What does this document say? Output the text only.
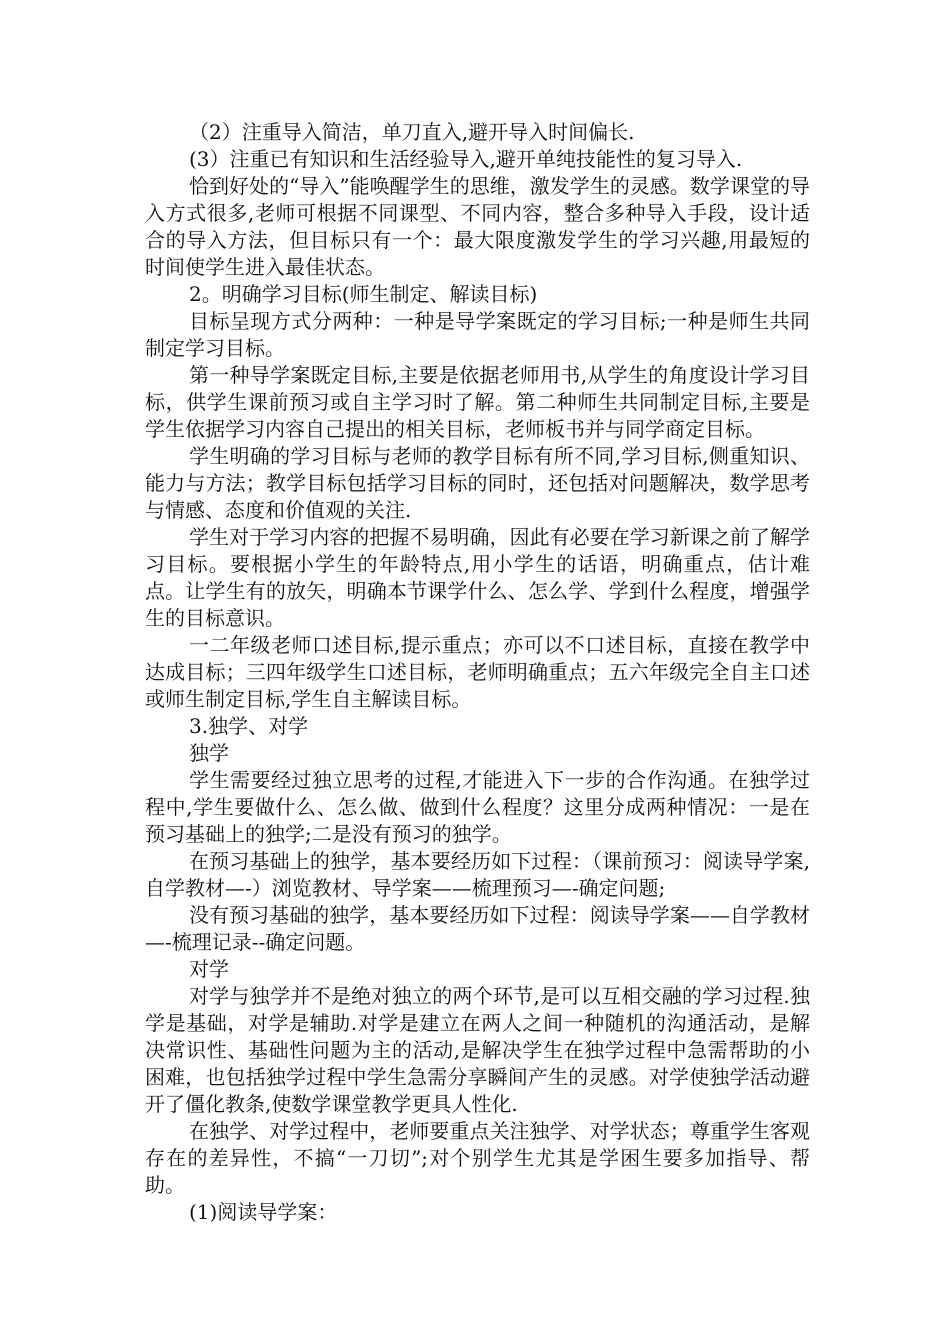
（2）注重导入简洁，单刀直入,避开导入时间偏长.

(3）注重已有知识和生活经验导入,避开单纯技能性的复习导入.

恰到好处的“导入”能唤醒学生的思维，激发学生的灵感。数学课堂的导入方式很多,老师可根据不同课型、不同内容，整合多种导入手段，设计适合的导入方法，但目标只有一个：最大限度激发学生的学习兴趣,用最短的时间使学生进入最佳状态。

2。明确学习目标(师生制定、解读目标)

目标呈现方式分两种：一种是导学案既定的学习目标;一种是师生共同制定学习目标。

第一种导学案既定目标,主要是依据老师用书,从学生的角度设计学习目标，供学生课前预习或自主学习时了解。第二种师生共同制定目标,主要是学生依据学习内容自己提出的相关目标，老师板书并与同学商定目标。

学生明确的学习目标与老师的教学目标有所不同,学习目标,侧重知识、能力与方法；教学目标包括学习目标的同时，还包括对问题解决，数学思考与情感、态度和价值观的关注.

学生对于学习内容的把握不易明确，因此有必要在学习新课之前了解学习目标。要根据小学生的年龄特点,用小学生的话语，明确重点，估计难点。让学生有的放矢，明确本节课学什么、怎么学、学到什么程度，增强学生的目标意识。

一二年级老师口述目标,提示重点；亦可以不口述目标，直接在教学中达成目标；三四年级学生口述目标，老师明确重点；五六年级完全自主口述或师生制定目标,学生自主解读目标。

3.独学、对学

独学

学生需要经过独立思考的过程,才能进入下一步的合作沟通。在独学过程中,学生要做什么、怎么做、做到什么程度？这里分成两种情况：一是在预习基础上的独学;二是没有预习的独学。

在预习基础上的独学，基本要经历如下过程：（课前预习：阅读导学案,自学教材—-）浏览教材、导学案——梳理预习—-确定问题;

没有预习基础的独学，基本要经历如下过程：阅读导学案——自学教材—-梳理记录--确定问题。

对学

对学与独学并不是绝对独立的两个环节,是可以互相交融的学习过程.独学是基础，对学是辅助.对学是建立在两人之间一种随机的沟通活动，是解决常识性、基础性问题为主的活动,是解决学生在独学过程中急需帮助的小困难，也包括独学过程中学生急需分享瞬间产生的灵感。对学使独学活动避开了僵化教条,使数学课堂教学更具人性化.

在独学、对学过程中，老师要重点关注独学、对学状态；尊重学生客观存在的差异性，不搞“一刀切”;对个别学生尤其是学困生要多加指导、帮助。

(1)阅读导学案：
